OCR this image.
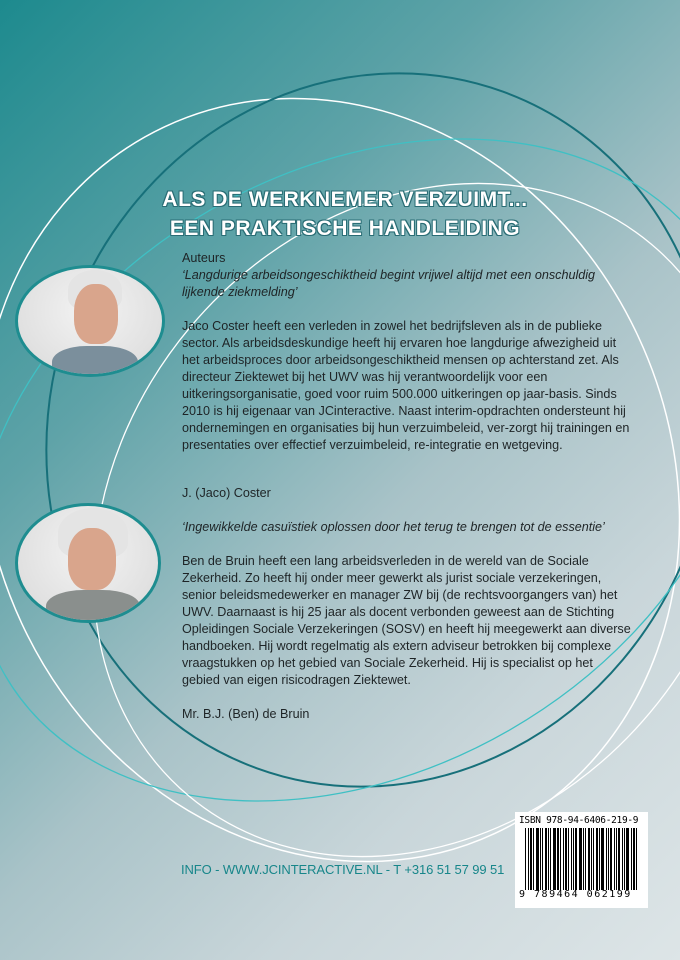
ALS DE WERKNEMER VERZUIMT...
EEN PRAKTISCHE HANDLEIDING
Auteurs
‘Langdurige arbeidsongeschiktheid begint vrijwel altijd met een onschuldig lijkende ziekmelding’
Jaco Coster heeft een verleden in zowel het bedrijfsleven als in de publieke sector. Als arbeidsdeskundige heeft hij ervaren hoe langdurige afwezigheid uit het arbeidsproces door arbeidsongeschiktheid mensen op achterstand zet. Als directeur Ziektewet bij het UWV was hij verantwoordelijk voor een uitkeringsorganisatie, goed voor ruim 500.000 uitkeringen op jaar-basis. Sinds 2010 is hij eigenaar van JCinteractive. Naast interim-opdrachten ondersteunt hij ondernemingen en organisaties bij hun verzuimbeleid, ver-zorgt hij trainingen en presentaties over effectief verzuimbeleid, re-integratie en wetgeving.
J. (Jaco) Coster
‘Ingewikkelde casuïstiek oplossen door het terug te brengen tot de essentie’
Ben de Bruin heeft een lang arbeidsverleden in de wereld van de Sociale Zekerheid. Zo heeft hij onder meer gewerkt als jurist sociale verzekeringen, senior beleidsmedewerker en manager ZW bij (de rechtsvoorgangers van) het UWV. Daarnaast is hij 25 jaar als docent verbonden geweest aan de Stichting Opleidingen Sociale Verzekeringen (SOSV) en heeft hij meegewerkt aan diverse handboeken. Hij wordt regelmatig als extern adviseur betrokken bij complexe vraagstukken op het gebied van Sociale Zekerheid. Hij is specialist op het gebied van eigen risicodragen Ziektewet.
Mr. B.J. (Ben) de Bruin
INFO - WWW.JCINTERACTIVE.NL - T +316 51 57 99 51
ISBN 978-94-6406-219-9
9 789464 062199
